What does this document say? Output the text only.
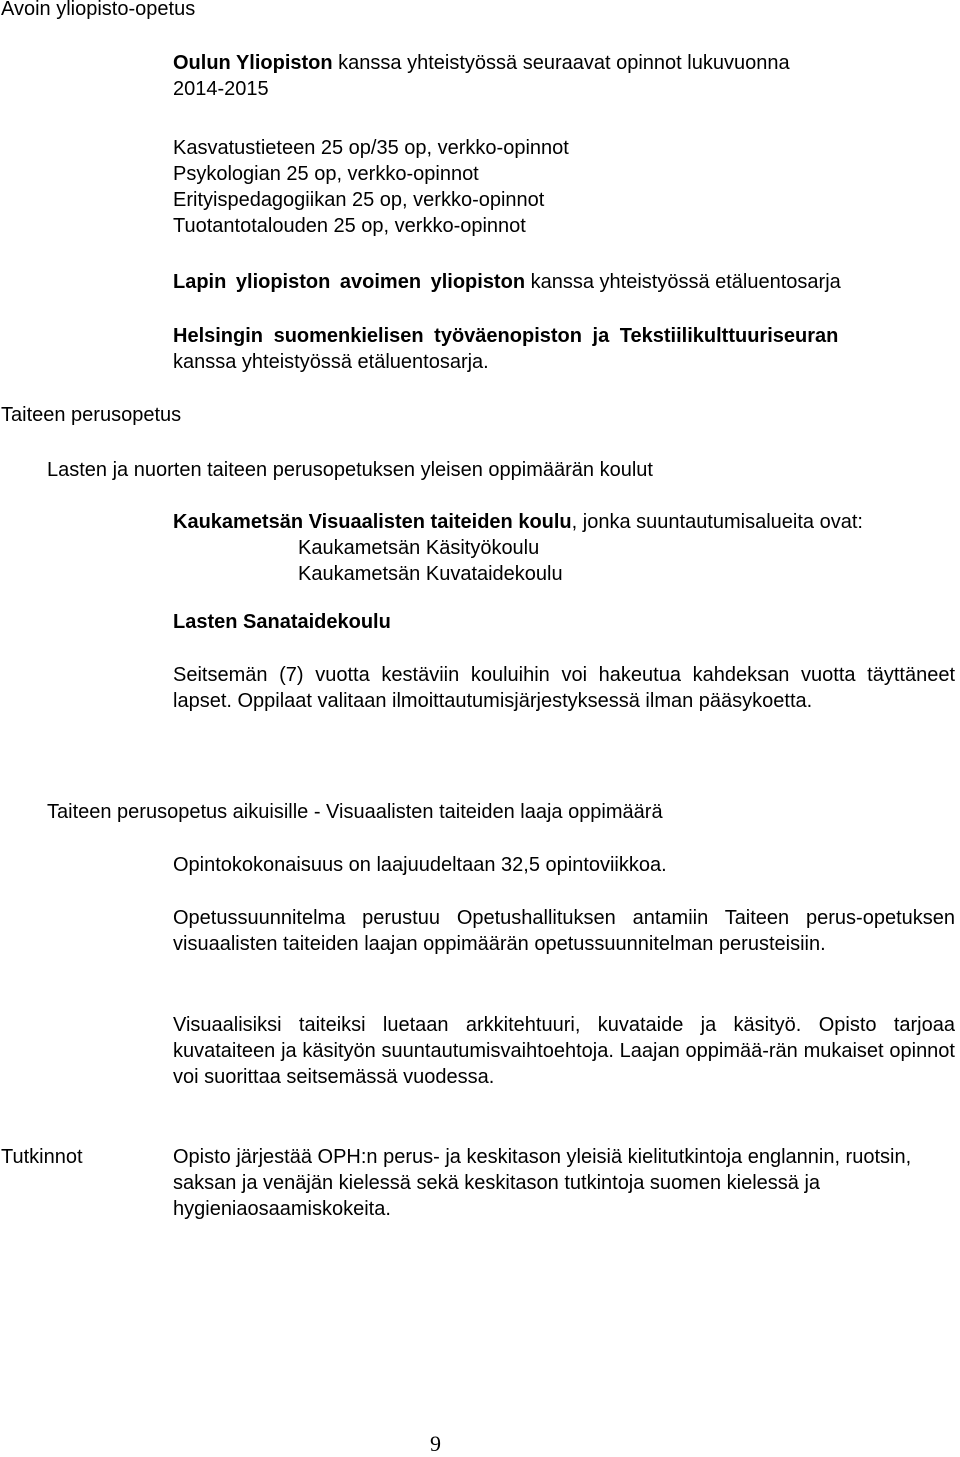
Avoin yliopisto-opetus
Oulun Yliopiston kanssa yhteistyössä seuraavat opinnot lukuvuonna
2014-2015
Kasvatustieteen 25 op/35 op, verkko-opinnot
Psykologian 25 op, verkko-opinnot
Erityispedagogiikan 25 op, verkko-opinnot
Tuotantotalouden 25 op, verkko-opinnot
Lapin yliopiston avoimen yliopiston kanssa yhteistyössä etäluentosarja
Helsingin suomenkielisen työväenopiston ja Tekstiilikulttuuriseuran
kanssa yhteistyössä etäluentosarja.
Taiteen perusopetus
Lasten ja nuorten taiteen perusopetuksen yleisen oppimäärän koulut
Kaukametsän Visuaalisten taiteiden koulu, jonka suuntautumisalueita ovat:
Kaukametsän Käsityökoulu
Kaukametsän Kuvataidekoulu
Lasten Sanataidekoulu
Seitsemän (7) vuotta kestäviin kouluihin voi hakeutua kahdeksan vuotta täyttäneet lapset. Oppilaat valitaan ilmoittautumisjärjestyksessä ilman pääsykoetta.
Taiteen perusopetus aikuisille - Visuaalisten taiteiden laaja oppimäärä
Opintokokonaisuus on laajuudeltaan 32,5 opintoviikkoa.
Opetussuunnitelma perustuu Opetushallituksen antamiin Taiteen perus-opetuksen visuaalisten taiteiden laajan oppimäärän opetussuunnitelman perusteisiin.
Visuaalisiksi taiteiksi luetaan arkkitehtuuri, kuvataide ja käsityö. Opisto tarjoaa kuvataiteen ja käsityön suuntautumisvaihtoehtoja. Laajan oppimää-rän mukaiset opinnot voi suorittaa seitsemässä vuodessa.
Tutkinnot	Opisto järjestää OPH:n perus- ja keskitason yleisiä kielitutkintoja englannin, ruotsin, saksan ja venäjän kielessä sekä keskitason tutkintoja suomen kielessä ja hygieniaosaamiskokeita.
9
